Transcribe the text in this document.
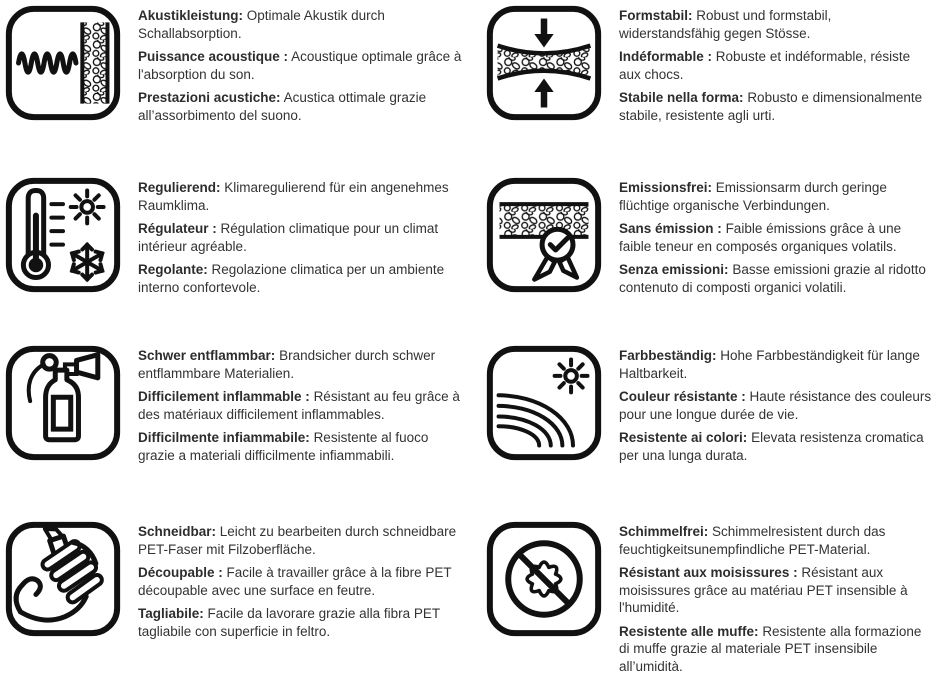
Akustikleistung: Optimale Akustik durch Schallabsorption.

Puissance acoustique : Acoustique optimale grâce à l'absorption du son.

Prestazioni acustiche: Acustica ottimale grazie all’assorbimento del suono.

Formstabil: Robust und formstabil, widerstandsfähig gegen Stösse.

Indéformable : Robuste et indéformable, résiste aux chocs.

Stabile nella forma: Robusto e dimensionalmente stabile, resistente agli urti.

Regulierend: Klimaregulierend für ein angenehmes Raumklima.

Régulateur : Régulation climatique pour un climat intérieur agréable.

Regolante: Regolazione climatica per un ambiente interno confortevole.

Emissionsfrei: Emissionsarm durch geringe flüchtige organische Verbindungen.

Sans émission : Faible émissions grâce à une faible teneur en composés organiques volatils.

Senza emissioni: Basse emissioni grazie al ridotto contenuto di composti organici volatili.

Schwer entflammbar: Brandsicher durch schwer entflammbare Materialien.

Difficilement inflammable : Résistant au feu grâce à des matériaux difficilement inflammables.

Difficilmente infiammabile: Resistente al fuoco grazie a materiali difficilmente infiammabili.

Farbbeständig: Hohe Farbbeständigkeit für lange Haltbarkeit.

Couleur résistante : Haute résistance des couleurs pour une longue durée de vie.

Resistente ai colori: Elevata resistenza cromatica per una lunga durata.

Schneidbar: Leicht zu bearbeiten durch schneidbare PET-Faser mit Filzoberfläche.

Découpable : Facile à travailler grâce à la fibre PET découpable avec une surface en feutre.

Tagliabile: Facile da lavorare grazie alla fibra PET tagliabile con superficie in feltro.

Schimmelfrei: Schimmelresistent durch das feuchtigkeitsunempfindliche PET-Material.

Résistant aux moisissures : Résistant aux moisissures grâce au matériau PET insensible à l'humidité.

Resistente alle muffe: Resistente alla formazione di muffe grazie al materiale PET insensibile all’umidità.
